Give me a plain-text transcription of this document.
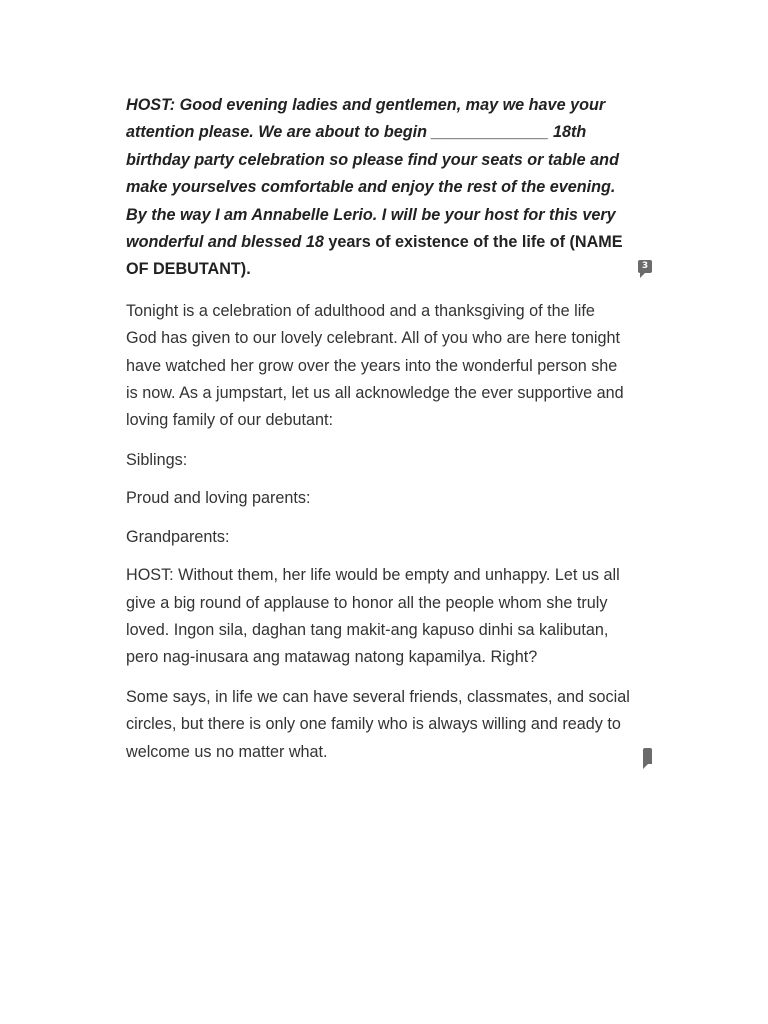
HOST: Good evening ladies and gentlemen, may we have your
attention please. We are about to begin _____________ 18th
birthday party celebration so please find your seats or table and
make yourselves comfortable and enjoy the rest of the evening.
By the way I am Annabelle Lerio. I will be your host for this very
wonderful and blessed 18 years of existence of the life of (NAME
OF DEBUTANT).

Tonight is a celebration of adulthood and a thanksgiving of the life
God has given to our lovely celebrant. All of you who are here tonight
have watched her grow over the years into the wonderful person she
is now. As a jumpstart, let us all acknowledge the ever supportive and
loving family of our debutant:

Siblings:

Proud and loving parents:

Grandparents:

HOST: Without them, her life would be empty and unhappy. Let us all
give a big round of applause to honor all the people whom she truly
loved. Ingon sila, daghan tang makit-ang kapuso dinhi sa kalibutan,
pero nag-inusara ang matawag natong kapamilya. Right?

Some says, in life we can have several friends, classmates, and social
circles, but there is only one family who is always willing and ready to
welcome us no matter what.

3
